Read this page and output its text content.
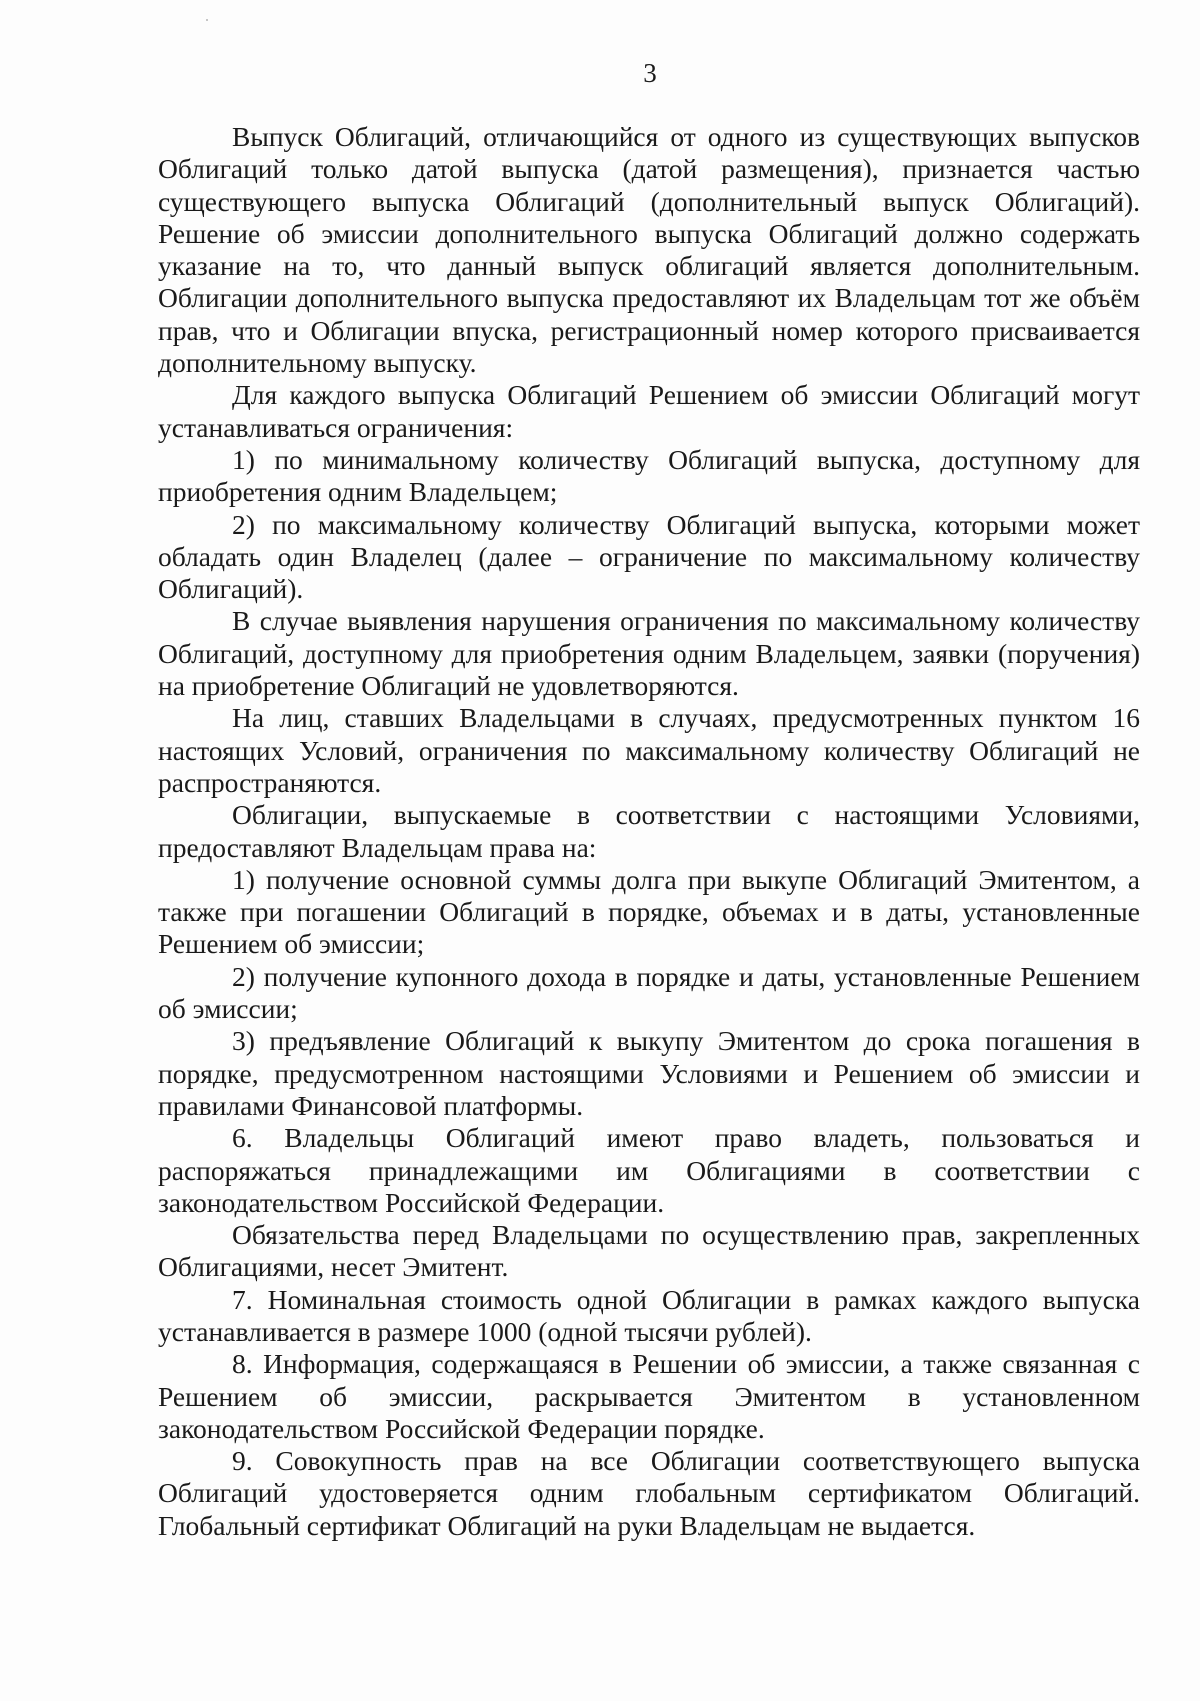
3

Выпуск Облигаций, отличающийся от одного из существующих выпусков Облигаций только датой выпуска (датой размещения), признается частью существующего выпуска Облигаций (дополнительный выпуск Облигаций). Решение об эмиссии дополнительного выпуска Облигаций должно содержать указание на то, что данный выпуск облигаций является дополнительным. Облигации дополнительного выпуска предоставляют их Владельцам тот же объём прав, что и Облигации впуска, регистрационный номер которого присваивается дополнительному выпуску.

Для каждого выпуска Облигаций Решением об эмиссии Облигаций могут устанавливаться ограничения:

1) по минимальному количеству Облигаций выпуска, доступному для приобретения одним Владельцем;

2) по максимальному количеству Облигаций выпуска, которыми может обладать один Владелец (далее – ограничение по максимальному количеству Облигаций).

В случае выявления нарушения ограничения по максимальному количеству Облигаций, доступному для приобретения одним Владельцем, заявки (поручения) на приобретение Облигаций не удовлетворяются.

На лиц, ставших Владельцами в случаях, предусмотренных пунктом 16 настоящих Условий, ограничения по максимальному количеству Облигаций не распространяются.

Облигации, выпускаемые в соответствии с настоящими Условиями, предоставляют Владельцам права на:

1) получение основной суммы долга при выкупе Облигаций Эмитентом, а также при погашении Облигаций в порядке, объемах и в даты, установленные Решением об эмиссии;

2) получение купонного дохода в порядке и даты, установленные Решением об эмиссии;

3) предъявление Облигаций к выкупу Эмитентом до срока погашения в порядке, предусмотренном настоящими Условиями и Решением об эмиссии и правилами Финансовой платформы.

6. Владельцы Облигаций имеют право владеть, пользоваться и распоряжаться принадлежащими им Облигациями в соответствии с законодательством Российской Федерации.

Обязательства перед Владельцами по осуществлению прав, закрепленных Облигациями, несет Эмитент.

7. Номинальная стоимость одной Облигации в рамках каждого выпуска устанавливается в размере 1000 (одной тысячи рублей).

8. Информация, содержащаяся в Решении об эмиссии, а также связанная с Решением об эмиссии, раскрывается Эмитентом в установленном законодательством Российской Федерации порядке.

9. Совокупность прав на все Облигации соответствующего выпуска Облигаций удостоверяется одним глобальным сертификатом Облигаций. Глобальный сертификат Облигаций на руки Владельцам не выдается.
